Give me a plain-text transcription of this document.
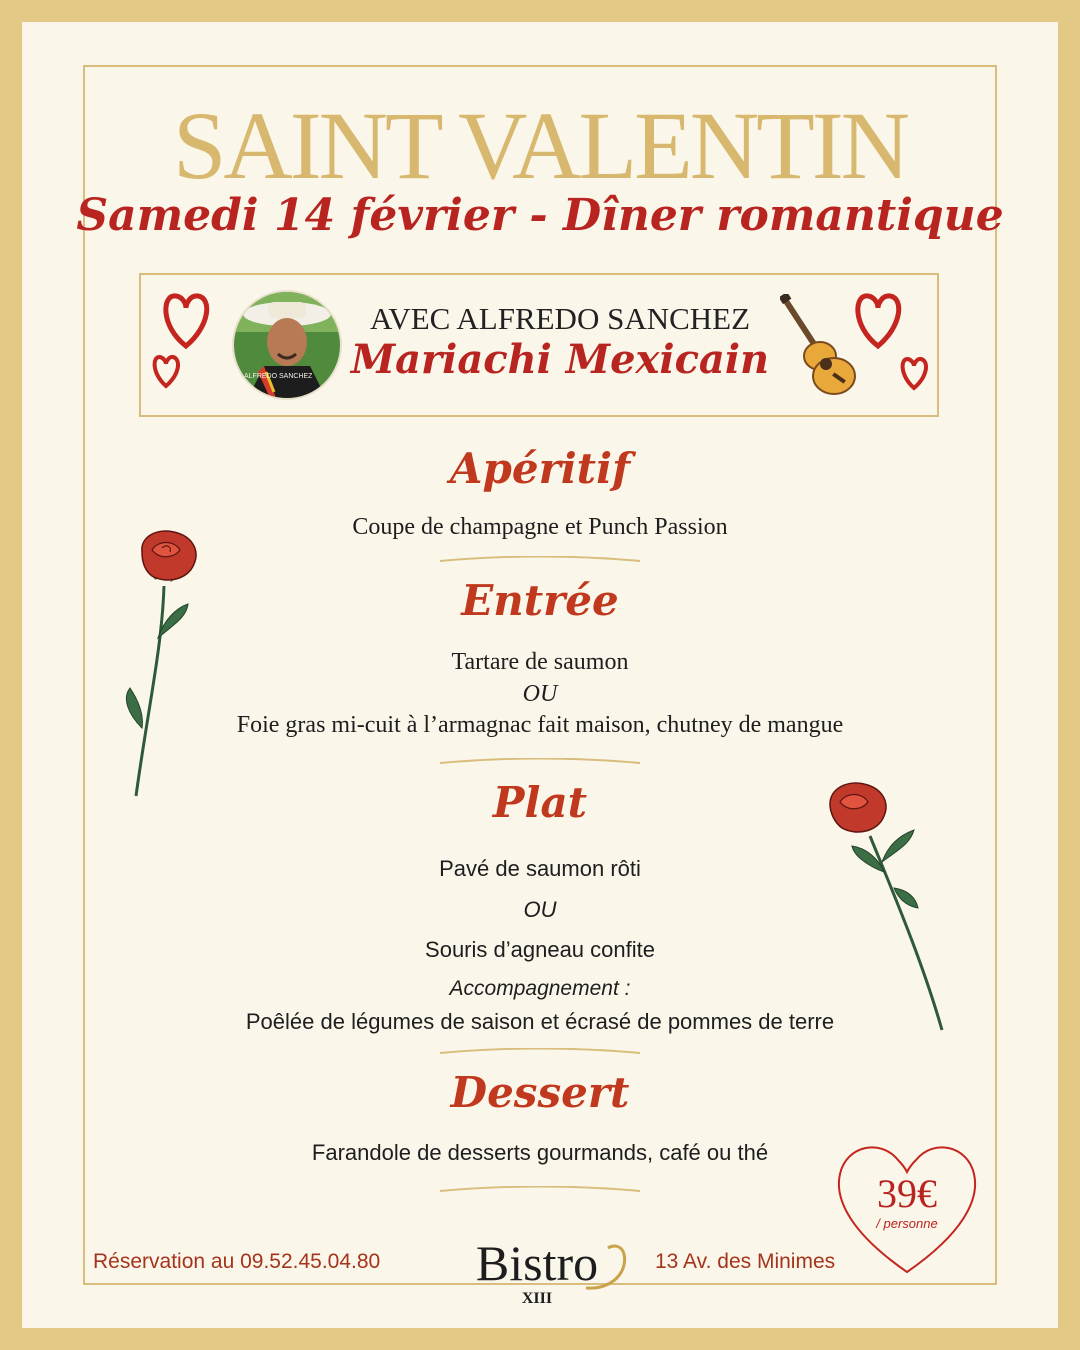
SAINT VALENTIN
Samedi 14 février - Dîner romantique
ALFREDO SANCHEZ
AVEC ALFREDO SANCHEZ
Mariachi Mexicain
Apéritif
Coupe de champagne et Punch Passion
Entrée
Tartare de saumon
OU
Foie gras mi-cuit à l’armagnac fait maison, chutney de mangue
Plat
Pavé de saumon rôti
OU
Souris d’agneau confite
Accompagnement :
Poêlée de légumes de saison et écrasé de pommes de terre
Dessert
Farandole de desserts gourmands, café ou thé
39€
/ personne
Réservation au 09.52.45.04.80	Bistro
XIII
13 Av. des Minimes
